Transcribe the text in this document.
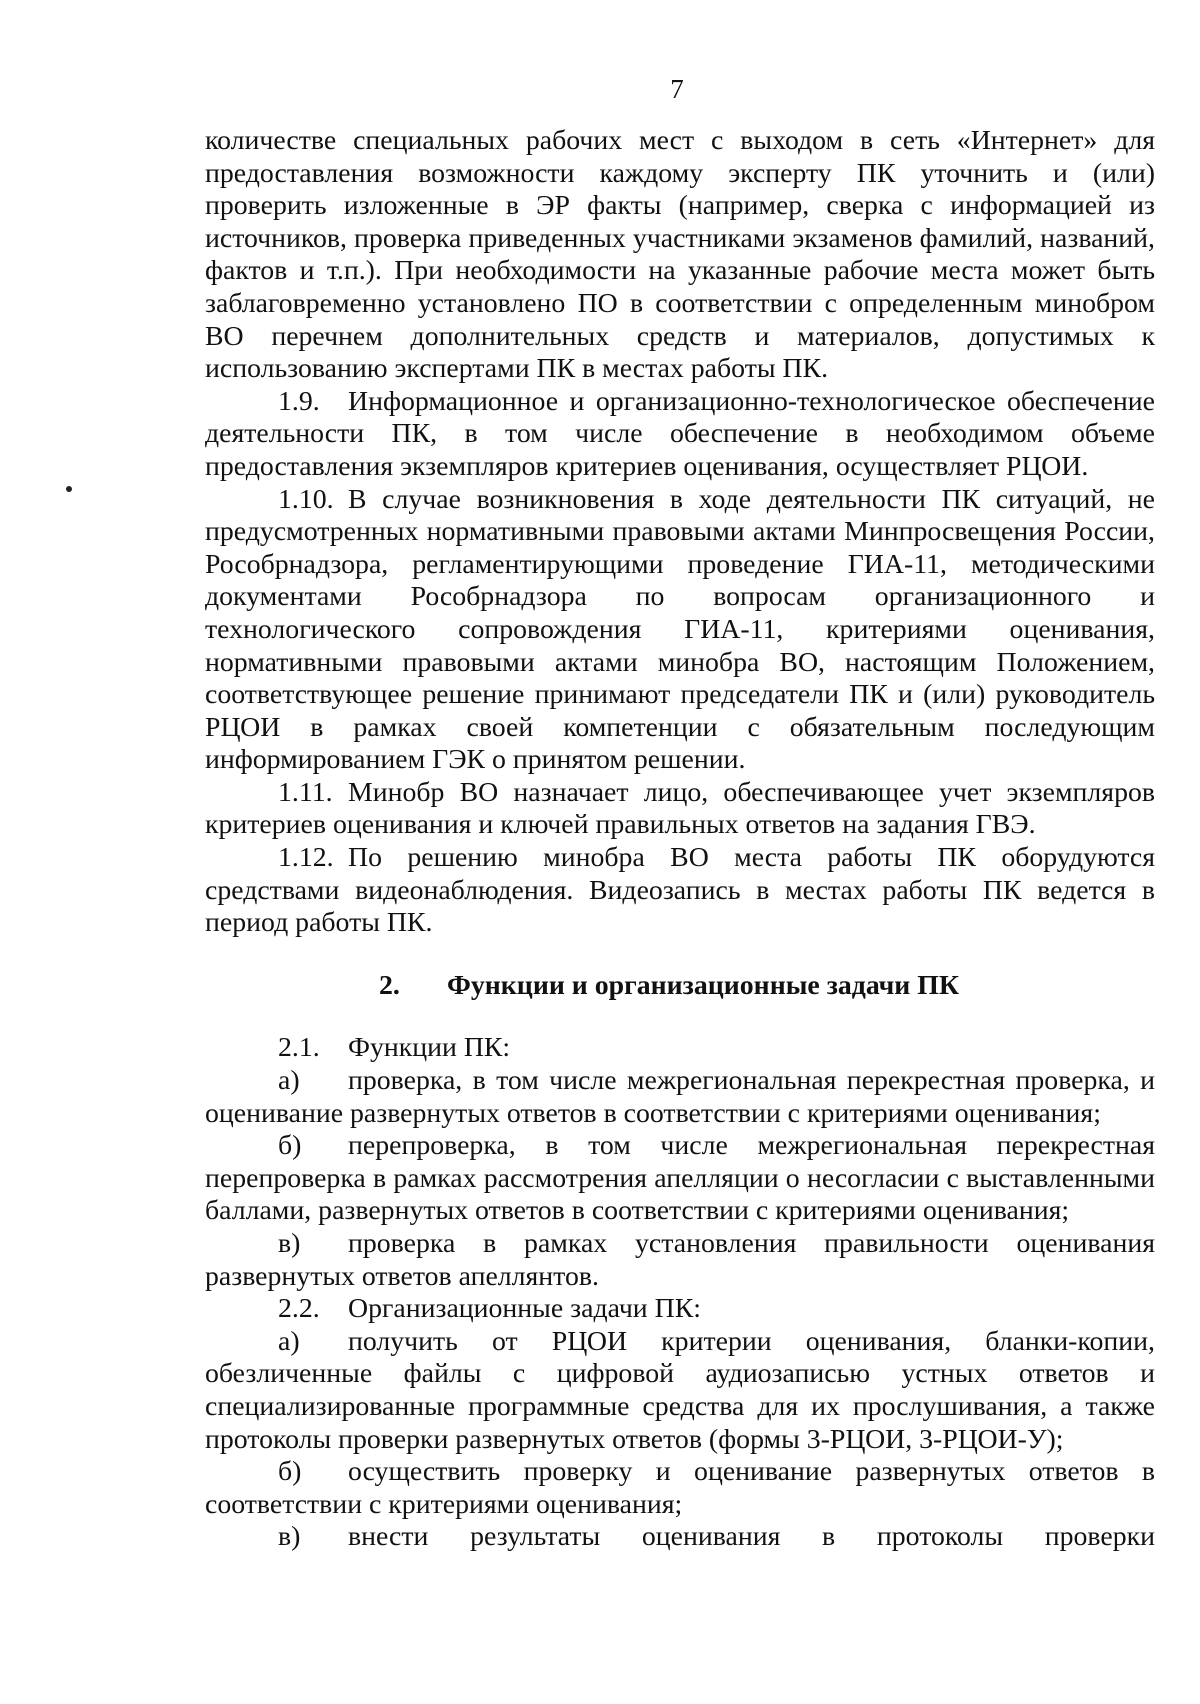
7

количестве специальных рабочих мест с выходом в сеть «Интернет» для предоставления возможности каждому эксперту ПК уточнить и (или) проверить изложенные в ЭР факты (например, сверка с информацией из источников, проверка приведенных участниками экзаменов фамилий, названий, фактов и т.п.). При необходимости на указанные рабочие места может быть заблаговременно установлено ПО в соответствии с определенным минобром ВО перечнем дополнительных средств и материалов, допустимых к использованию экспертами ПК в местах работы ПК.

1.9. Информационное и организационно-технологическое обеспечение деятельности ПК, в том числе обеспечение в необходимом объеме предоставления экземпляров критериев оценивания, осуществляет РЦОИ.

1.10. В случае возникновения в ходе деятельности ПК ситуаций, не предусмотренных нормативными правовыми актами Минпросвещения России, Рособрнадзора, регламентирующими проведение ГИА-11, методическими документами Рособрнадзора по вопросам организационного и технологического сопровождения ГИА-11, критериями оценивания, нормативными правовыми актами минобра ВО, настоящим Положением, соответствующее решение принимают председатели ПК и (или) руководитель РЦОИ в рамках своей компетенции с обязательным последующим информированием ГЭК о принятом решении.

1.11. Минобр ВО назначает лицо, обеспечивающее учет экземпляров критериев оценивания и ключей правильных ответов на задания ГВЭ.

1.12. По решению минобра ВО места работы ПК оборудуются средствами видеонаблюдения. Видеозапись в местах работы ПК ведется в период работы ПК.

2. Функции и организационные задачи ПК

2.1. Функции ПК:

а) проверка, в том числе межрегиональная перекрестная проверка, и оценивание развернутых ответов в соответствии с критериями оценивания;

б) перепроверка, в том числе межрегиональная перекрестная перепроверка в рамках рассмотрения апелляции о несогласии с выставленными баллами, развернутых ответов в соответствии с критериями оценивания;

в) проверка в рамках установления правильности оценивания развернутых ответов апеллянтов.

2.2. Организационные задачи ПК:

а) получить от РЦОИ критерии оценивания, бланки-копии, обезличенные файлы с цифровой аудиозаписью устных ответов и специализированные программные средства для их прослушивания, а также протоколы проверки развернутых ответов (формы 3-РЦОИ, 3-РЦОИ-У);

б) осуществить проверку и оценивание развернутых ответов в соответствии с критериями оценивания;

в) внести результаты оценивания в протоколы проверки
